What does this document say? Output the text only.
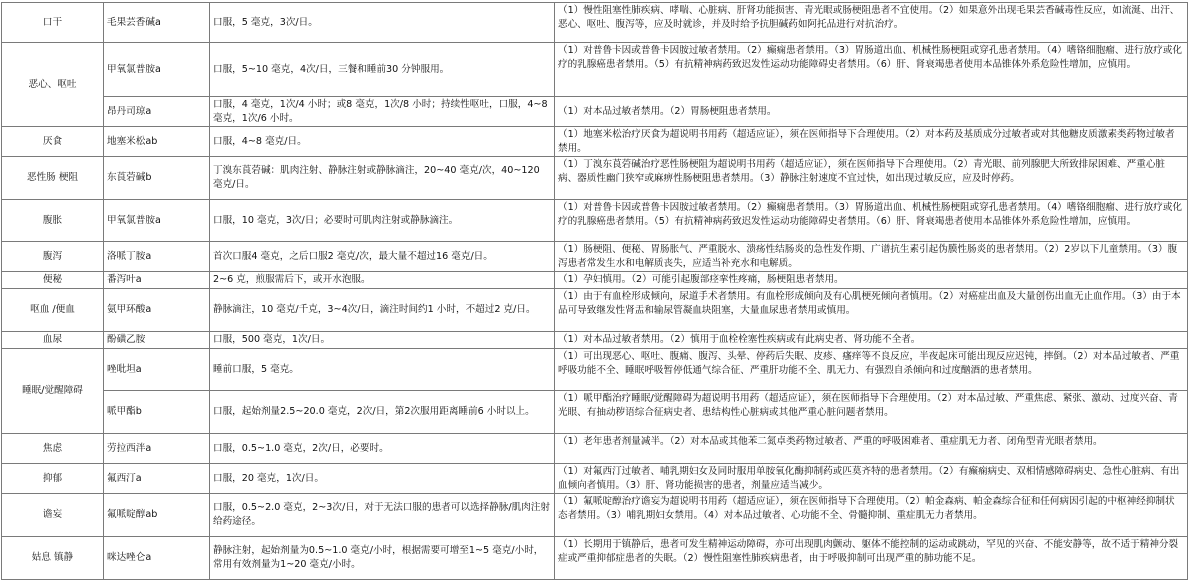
口干	毛果芸香碱a	口服，5 毫克，3次/日。	（1）慢性阻塞性肺疾病、哮喘、心脏病、肝肾功能损害、青光眼或肠梗阻患者不宜使用。（2）如果意外出现毛果芸香碱毒性反应，如流涎、出汗、恶心、呕吐、腹泻等，应及时就诊，并及时给予抗胆碱药如阿托品进行对抗治疗。
恶心、呕吐	甲氧氯普胺a	口服，5~10 毫克，4次/日，三餐和睡前30 分钟服用。	（1）对普鲁卡因或普鲁卡因胺过敏者禁用。（2）癫痫患者禁用。（3）胃肠道出血、机械性肠梗阻或穿孔患者禁用。（4）嗜铬细胞瘤、进行放疗或化疗的乳腺癌患者禁用。（5）有抗精神病药致迟发性运动功能障碍史者禁用。（6）肝、肾衰竭患者使用本品锥体外系危险性增加，应慎用。
	昂丹司琼a	口服，4 毫克，1次/4 小时；或8 毫克，1次/8 小时；持续性呕吐，口服，4~8 毫克，1次/6 小时。	（1）对本品过敏者禁用。（2）胃肠梗阻患者禁用。
厌食	地塞米松ab	口服，4~8 毫克/日。	（1）地塞米松治疗厌食为超说明书用药（超适应证），须在医师指导下合理使用。（2）对本药及基质成分过敏者或对其他糖皮质激素类药物过敏者禁用。
恶性肠 梗阻	东莨菪碱b	丁溴东莨菪碱：肌肉注射、静脉注射或静脉滴注，20~40 毫克/次，40~120 毫克/日。	（1）丁溴东莨菪碱治疗恶性肠梗阻为超说明书用药（超适应证），须在医师指导下合理使用。（2）青光眼、前列腺肥大所致排尿困难、严重心脏病、器质性幽门狭窄或麻痹性肠梗阻患者禁用。（3）静脉注射速度不宜过快，如出现过敏反应，应及时停药。
腹胀	甲氧氯普胺a	口服，10 毫克，3次/日；必要时可肌肉注射或静脉滴注。	（1）对普鲁卡因或普鲁卡因胺过敏者禁用。（2）癫痫患者禁用。（3）胃肠道出血、机械性肠梗阻或穿孔患者禁用。（4）嗜铬细胞瘤、进行放疗或化疗的乳腺癌患者禁用。（5）有抗精神病药致迟发性运动功能障碍史者禁用。（6）肝、肾衰竭患者使用本品锥体外系危险性增加，应慎用。
腹泻	洛哌丁胺a	首次口服4 毫克，之后口服2 毫克/次，最大量不超过16 毫克/日。	（1）肠梗阻、便秘、胃肠胀气、严重脱水、溃疡性结肠炎的急性发作期、广谱抗生素引起伪膜性肠炎的患者禁用。（2）2岁以下儿童禁用。（3）腹泻患者常发生水和电解质丧失，应适当补充水和电解质。
便秘	番泻叶a	2~6 克，煎服需后下，或开水泡服。	（1）孕妇慎用。（2）可能引起腹部痉挛性疼痛，肠梗阻患者禁用。
呕血 /便血	氨甲环酸a	静脉滴注，10 毫克/千克，3~4次/日，滴注时间约1 小时，不超过2 克/日。	（1）由于有血栓形成倾向，尿道手术者禁用。有血栓形成倾向及有心肌梗死倾向者慎用。（2）对癌症出血及大量创伤出血无止血作用。（3）由于本品可导致继发性肾盂和输尿管凝血块阻塞，大量血尿患者禁用或慎用。
血尿	酚磺乙胺	口服，500 毫克，1次/日。	（1）对本品过敏者禁用。（2）慎用于血栓栓塞性疾病或有此病史者、肾功能不全者。
睡眠/觉醒障碍	唑吡坦a	睡前口服，5 毫克。	（1）可出现恶心、呕吐、腹痛、腹泻、头晕、停药后失眠、皮疹、瘙痒等不良反应，半夜起床可能出现反应迟钝，摔倒。（2）对本品过敏者、严重呼吸功能不全、睡眠呼吸暂停低通气综合征、严重肝功能不全、肌无力、有强烈自杀倾向和过度酗酒的患者禁用。
	哌甲酯b	口服，起始剂量2.5~20.0 毫克，2次/日，第2次服用距离睡前6 小时以上。	（1）哌甲酯治疗睡眠/觉醒障碍为超说明书用药（超适应证），须在医师指导下合理使用。（2）对本品过敏、严重焦虑、紧张、激动、过度兴奋、青光眼、有抽动秽语综合征病史者、患结构性心脏病或其他严重心脏问题者禁用。
焦虑	劳拉西泮a	口服，0.5~1.0 毫克，2次/日，必要时。	（1）老年患者剂量减半。（2）对本品或其他苯二氮卓类药物过敏者、严重的呼吸困难者、重症肌无力者、闭角型青光眼者禁用。
抑郁	氟西汀a	口服，20 毫克，1次/日。	（1）对氟西汀过敏者、哺乳期妇女及同时服用单胺氧化酶抑制药或匹莫齐特的患者禁用。（2）有癫痫病史、双相情感障碍病史、急性心脏病、有出血倾向者慎用。（3）肝、肾功能损害的患者，剂量应适当减少。
谵妄	氟哌啶醇ab	口服，0.5~2.0 毫克，2~3次/日，对于无法口服的患者可以选择静脉/肌肉注射给药途径。	（1）氟哌啶醇治疗谵妄为超说明书用药（超适应证），须在医师指导下合理使用。（2）帕金森病、帕金森综合征和任何病因引起的中枢神经抑制状态者禁用。（3）哺乳期妇女禁用。（4）对本品过敏者、心功能不全、骨髓抑制、重症肌无力者禁用。
姑息 镇静	咪达唑仑a	静脉注射，起始剂量为0.5~1.0 毫克/小时，根据需要可增至1~5 毫克/小时，常用有效剂量为1~20 毫克/小时。	（1）长期用于镇静后，患者可发生精神运动障碍，亦可出现肌肉颤动、躯体不能控制的运动或跳动，罕见的兴奋、不能安静等，故不适于精神分裂症或严重抑郁症患者的失眠。（2）慢性阻塞性肺疾病患者，由于呼吸抑制可出现严重的肺功能不足。
